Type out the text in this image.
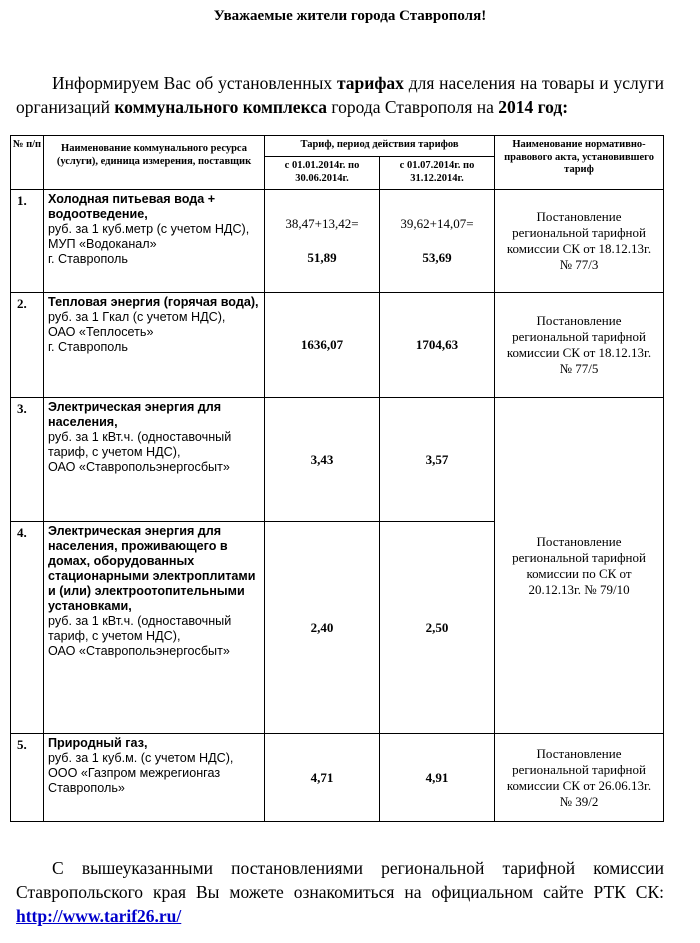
Уважаемые жители города Ставрополя!
Информируем Вас об установленных тарифах для населения на товары и услуги организаций коммунального комплекса города Ставрополя на 2014 год:
№ п/п	Наименование коммунального ресурса (услуги), единица измерения, поставщик	Тариф, период действия тарифов		Наименование нормативно-правового акта, установившего тариф
		с 01.01.2014г. по 30.06.2014г.	с 01.07.2014г. по 31.12.2014г.	
1.	Холодная питьевая вода + водоотведение,
руб. за 1 куб.метр (с учетом НДС),
МУП «Водоканал»
г. Ставрополь	38,47+13,42=
51,89	39,62+14,07=
53,69	Постановление региональной тарифной комиссии СК от 18.12.13г. № 77/3
2.	Тепловая энергия (горячая вода),
руб. за 1 Гкал (с учетом НДС),
ОАО «Теплосеть»
г. Ставрополь	1636,07	1704,63	Постановление региональной тарифной комиссии СК от 18.12.13г. № 77/5
3.	Электрическая энергия для населения,
руб. за 1 кВт.ч. (одноставочный тариф, с учетом НДС),
ОАО «Ставропольэнергосбыт»	3,43	3,57	Постановление региональной тарифной комиссии по СК от 20.12.13г. № 79/10
4.	Электрическая энергия для населения, проживающего в домах, оборудованных стационарными электроплитами и (или) электроотопительными установками,
руб. за 1 кВт.ч. (одноставочный тариф, с учетом НДС),
ОАО «Ставропольэнергосбыт»	2,40	2,50	
5.	Природный газ,
руб. за 1 куб.м. (с учетом НДС),
ООО «Газпром межрегионгаз Ставрополь»	4,71	4,91	Постановление региональной тарифной комиссии СК от 26.06.13г. № 39/2
С вышеуказанными постановлениями региональной тарифной комиссии Ставропольского края Вы можете ознакомиться на официальном сайте РТК СК: http://www.tarif26.ru/
